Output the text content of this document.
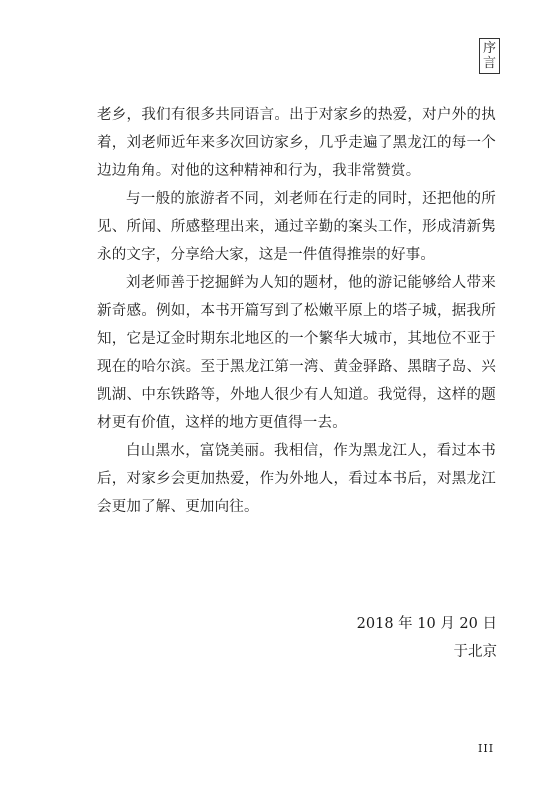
序
言

老乡，我们有很多共同语言。出于对家乡的热爱，对户外的执着，刘老师近年来多次回访家乡，几乎走遍了黑龙江的每一个边边角角。对他的这种精神和行为，我非常赞赏。

与一般的旅游者不同，刘老师在行走的同时，还把他的所见、所闻、所感整理出来，通过辛勤的案头工作，形成清新隽永的文字，分享给大家，这是一件值得推崇的好事。

刘老师善于挖掘鲜为人知的题材，他的游记能够给人带来新奇感。例如，本书开篇写到了松嫩平原上的塔子城，据我所知，它是辽金时期东北地区的一个繁华大城市，其地位不亚于现在的哈尔滨。至于黑龙江第一湾、黄金驿路、黑瞎子岛、兴凯湖、中东铁路等，外地人很少有人知道。我觉得，这样的题材更有价值，这样的地方更值得一去。

白山黑水，富饶美丽。我相信，作为黑龙江人，看过本书后，对家乡会更加热爱，作为外地人，看过本书后，对黑龙江会更加了解、更加向往。

2018 年 10 月 20 日
于北京
III
